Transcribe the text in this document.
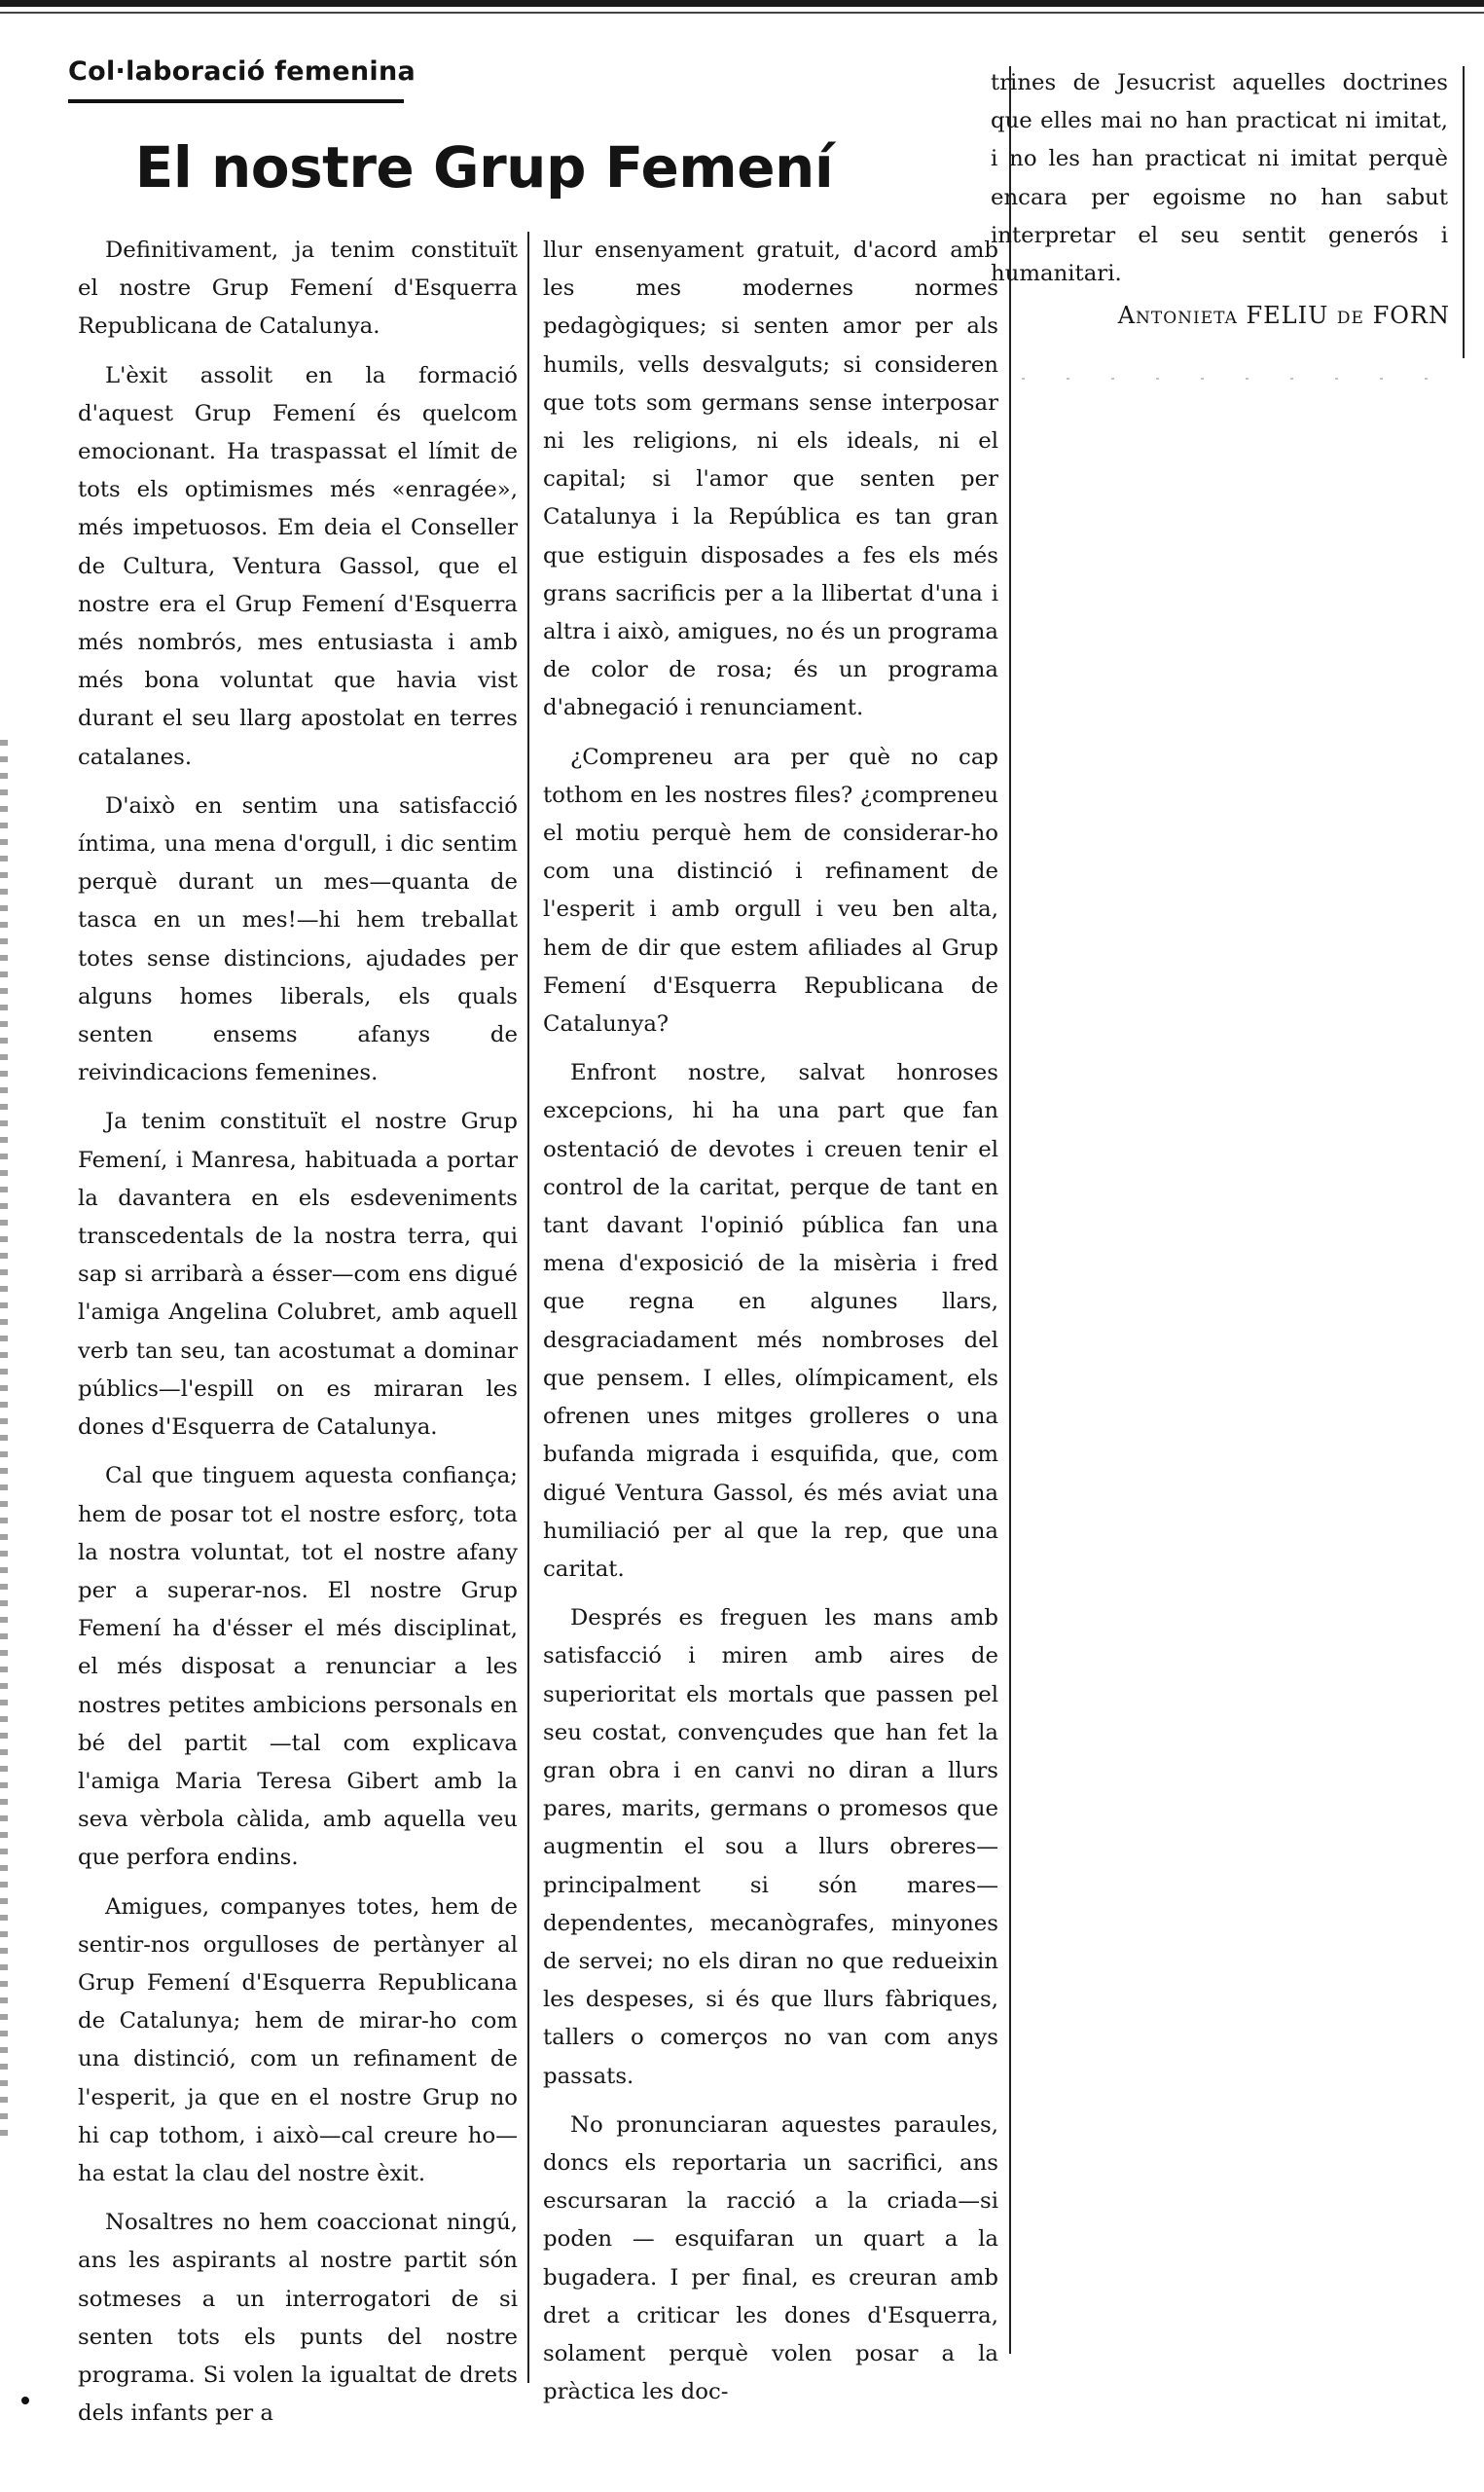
Col·laboració femenina
El nostre Grup Femení

Definitivament, ja tenim constituït el nostre Grup Femení d'Esquerra Republicana de Catalunya.

L'èxit assolit en la formació d'aquest Grup Femení és quelcom emocionant. Ha traspassat el límit de tots els optimismes més «enragée», més impetuosos. Em deia el Conseller de Cultura, Ventura Gassol, que el nostre era el Grup Femení d'Esquerra més nombrós, mes entusiasta i amb més bona voluntat que havia vist durant el seu llarg apostolat en terres catalanes.

D'això en sentim una satisfacció íntima, una mena d'orgull, i dic sentim perquè durant un mes—quanta de tasca en un mes!—hi hem treballat totes sense distincions, ajudades per alguns homes liberals, els quals senten ensems afanys de reivindicacions femenines.

Ja tenim constituït el nostre Grup Femení, i Manresa, habituada a portar la davantera en els esdeveniments transcedentals de la nostra terra, qui sap si arribarà a ésser—com ens digué l'amiga Angelina Colubret, amb aquell verb tan seu, tan acostumat a dominar públics—l'espill on es miraran les dones d'Esquerra de Catalunya.

Cal que tinguem aquesta confiança; hem de posar tot el nostre esforç, tota la nostra voluntat, tot el nostre afany per a superar-nos. El nostre Grup Femení ha d'ésser el més disciplinat, el més disposat a renunciar a les nostres petites ambicions personals en bé del partit —tal com explicava l'amiga Maria Teresa Gibert amb la seva vèrbola càlida, amb aquella veu que perfora endins.

Amigues, companyes totes, hem de sentir-nos orgulloses de pertànyer al Grup Femení d'Esquerra Republicana de Catalunya; hem de mirar-ho com una distinció, com un refinament de l'esperit, ja que en el nostre Grup no hi cap tothom, i això—cal creure ho—ha estat la clau del nostre èxit.

Nosaltres no hem coaccionat ningú, ans les aspirants al nostre partit són sotmeses a un interrogatori de si senten tots els punts del nostre programa. Si volen la igualtat de drets dels infants per a

llur ensenyament gratuit, d'acord amb les mes modernes normes pedagògiques; si senten amor per als humils, vells desvalguts; si consideren que tots som germans sense interposar ni les religions, ni els ideals, ni el capital; si l'amor que senten per Catalunya i la República es tan gran que estiguin disposades a fes els més grans sacrificis per a la llibertat d'una i altra i això, amigues, no és un programa de color de rosa; és un programa d'abnegació i renunciament.

¿Compreneu ara per què no cap tothom en les nostres files? ¿compreneu el motiu perquè hem de considerar-ho com una distinció i refinament de l'esperit i amb orgull i veu ben alta, hem de dir que estem afiliades al Grup Femení d'Esquerra Republicana de Catalunya?

Enfront nostre, salvat honroses excepcions, hi ha una part que fan ostentació de devotes i creuen tenir el control de la caritat, perque de tant en tant davant l'opinió pública fan una mena d'exposició de la misèria i fred que regna en algunes llars, desgraciadament més nombroses del que pensem. I elles, olímpicament, els ofrenen unes mitges grolleres o una bufanda migrada i esquifida, que, com digué Ventura Gassol, és més aviat una humiliació per al que la rep, que una caritat.

Després es freguen les mans amb satisfacció i miren amb aires de superioritat els mortals que passen pel seu costat, convençudes que han fet la gran obra i en canvi no diran a llurs pares, marits, germans o promesos que augmentin el sou a llurs obreres—principalment si són mares—dependentes, mecanògrafes, minyones de servei; no els diran no que redueixin les despeses, si és que llurs fàbriques, tallers o comerços no van com anys passats.

No pronunciaran aquestes paraules, doncs els reportaria un sacrifici, ans escursaran la racció a la criada—si poden — esquifaran un quart a la bugadera. I per final, es creuran amb dret a criticar les dones d'Esquerra, solament perquè volen posar a la pràctica les doc-

trines de Jesucrist aquelles doctrines que elles mai no han practicat ni imitat, i no les han practicat ni imitat perquè encara per egoisme no han sabut interpretar el seu sentit generós i humanitari.

Antonieta FELIU de FORN
